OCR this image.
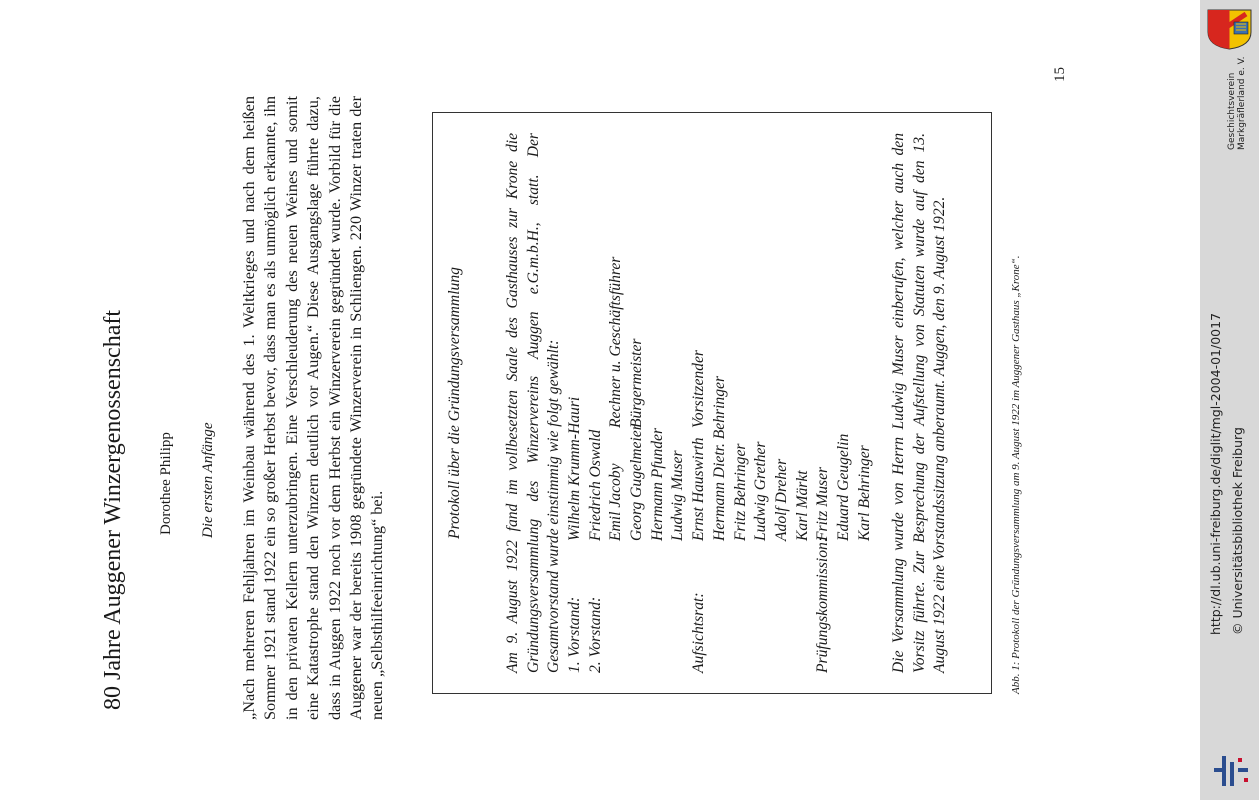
80 Jahre Auggener Winzergenossenschaft Dorothee Philipp Die ersten Anfänge „Nach mehreren Fehljahren im Weinbau während des 1. Weltkrieges und nach dem heißen Sommer 1921 stand 1922 ein so großer Herbst bevor, dass man es als unmöglich erkannte, ihn in den privaten Kellern unterzubringen. Eine Verschleuderung des neuen Weines und somit eine Katastrophe stand den Winzern deutlich vor Augen.“ Diese Ausgangslage führte dazu, dass in Auggen 1922 noch vor dem Herbst ein Winzerverein gegründet wurde. Vorbild für die Auggener war der bereits 1908 gegründete Winzerverein in Schliengen. 220 Winzer traten der neuen „Selbsthilfeeinrichtung“ bei.

Protokoll über die Gründungsversammlung	Am 9. August 1922 fand im vollbesetzten Saale des Gasthauses zur Krone die Gründungsversammlung des Winzervereins Auggen e.G.m.b.H., statt. Der Gesamtvorstand wurde einstimmig wie folgt gewählt: 1. Vorstand:
Wilhelm Krumm-Hauri
2. Vorstand:
Friedrich Oswald Emil Jacoby
Rechner u. Geschäftsführer
Georg Gugelmeier
Bürgermeister
Hermann Pfunder Ludwig Muser
Aufsichtsrat:
Ernst Hauswirth
Vorsitzender Hermann Dietr. Behringer Fritz Behringer Ludwig Grether Adolf Dreher Karl Märkt
Prüfungskommission:
Fritz Muser Eduard Geugelin Karl Behringer Die Versammlung wurde von Herrn Ludwig Muser einberufen, welcher auch den Vorsitz führte. Zur Besprechung der Aufstellung von Statuten wurde auf den 13. August 1922 eine Vorstandssitzung anberaumt. Auggen, den 9. August 1922.	Abb. 1: Protokoll der Gründungsversammlung am 9. August 1922 im Auggener Gasthaus „Krone“.
15
http://dl.ub.uni-freiburg.de/diglit/mgl-2004-01/0017 © Universitätsbibliothek Freiburg
Geschichtsverein Markgräflerland e. V.
